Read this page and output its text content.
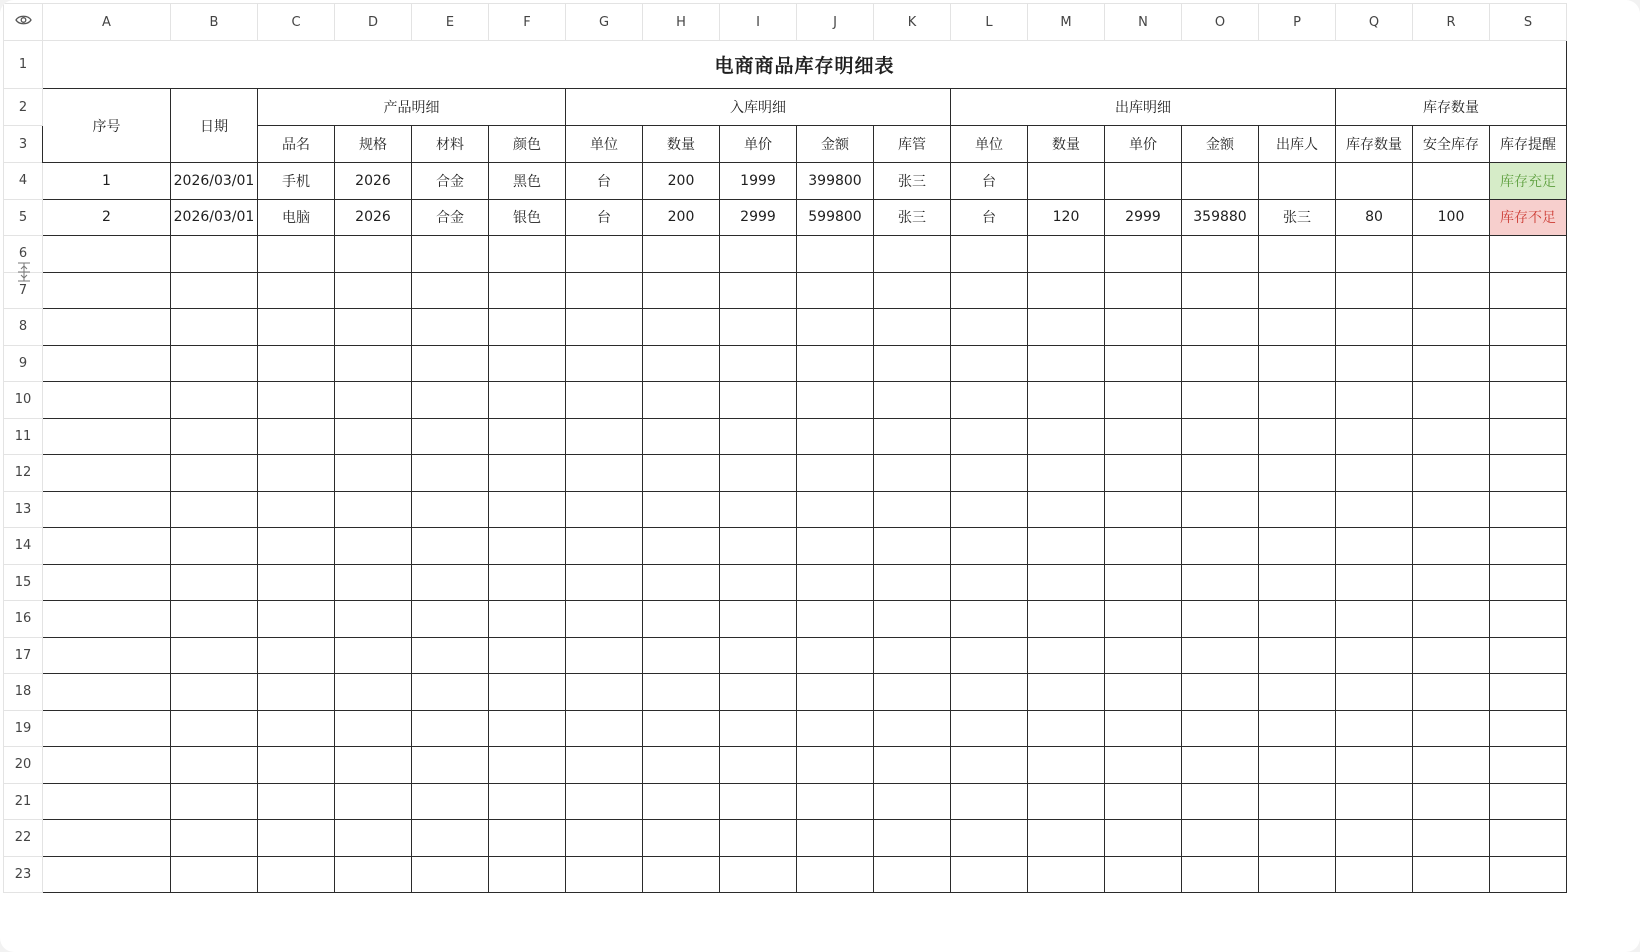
	A	B	C	D	E	F	G	H	I	J	K	L	M	N	O	P	Q	R	S
1	电商商品库存明细表																		
2	序号	日期	产品明细				入库明细					出库明细					库存数量		
3			品名	规格	材料	颜色	单位	数量	单价	金额	库管	单位	数量	单价	金额	出库人	库存数量	安全库存	库存提醒
4	1	2026/03/01	手机	2026	合金	黑色	台	200	1999	399800	张三	台							库存充足
5	2	2026/03/01	电脑	2026	合金	银色	台	200	2999	599800	张三	台	120	2999	359880	张三	80	100	库存不足
6																			
7																			
8																			
9																			
10																			
11																			
12																			
13																			
14																			
15																			
16																			
17																			
18																			
19																			
20																			
21																			
22																			
23																			
